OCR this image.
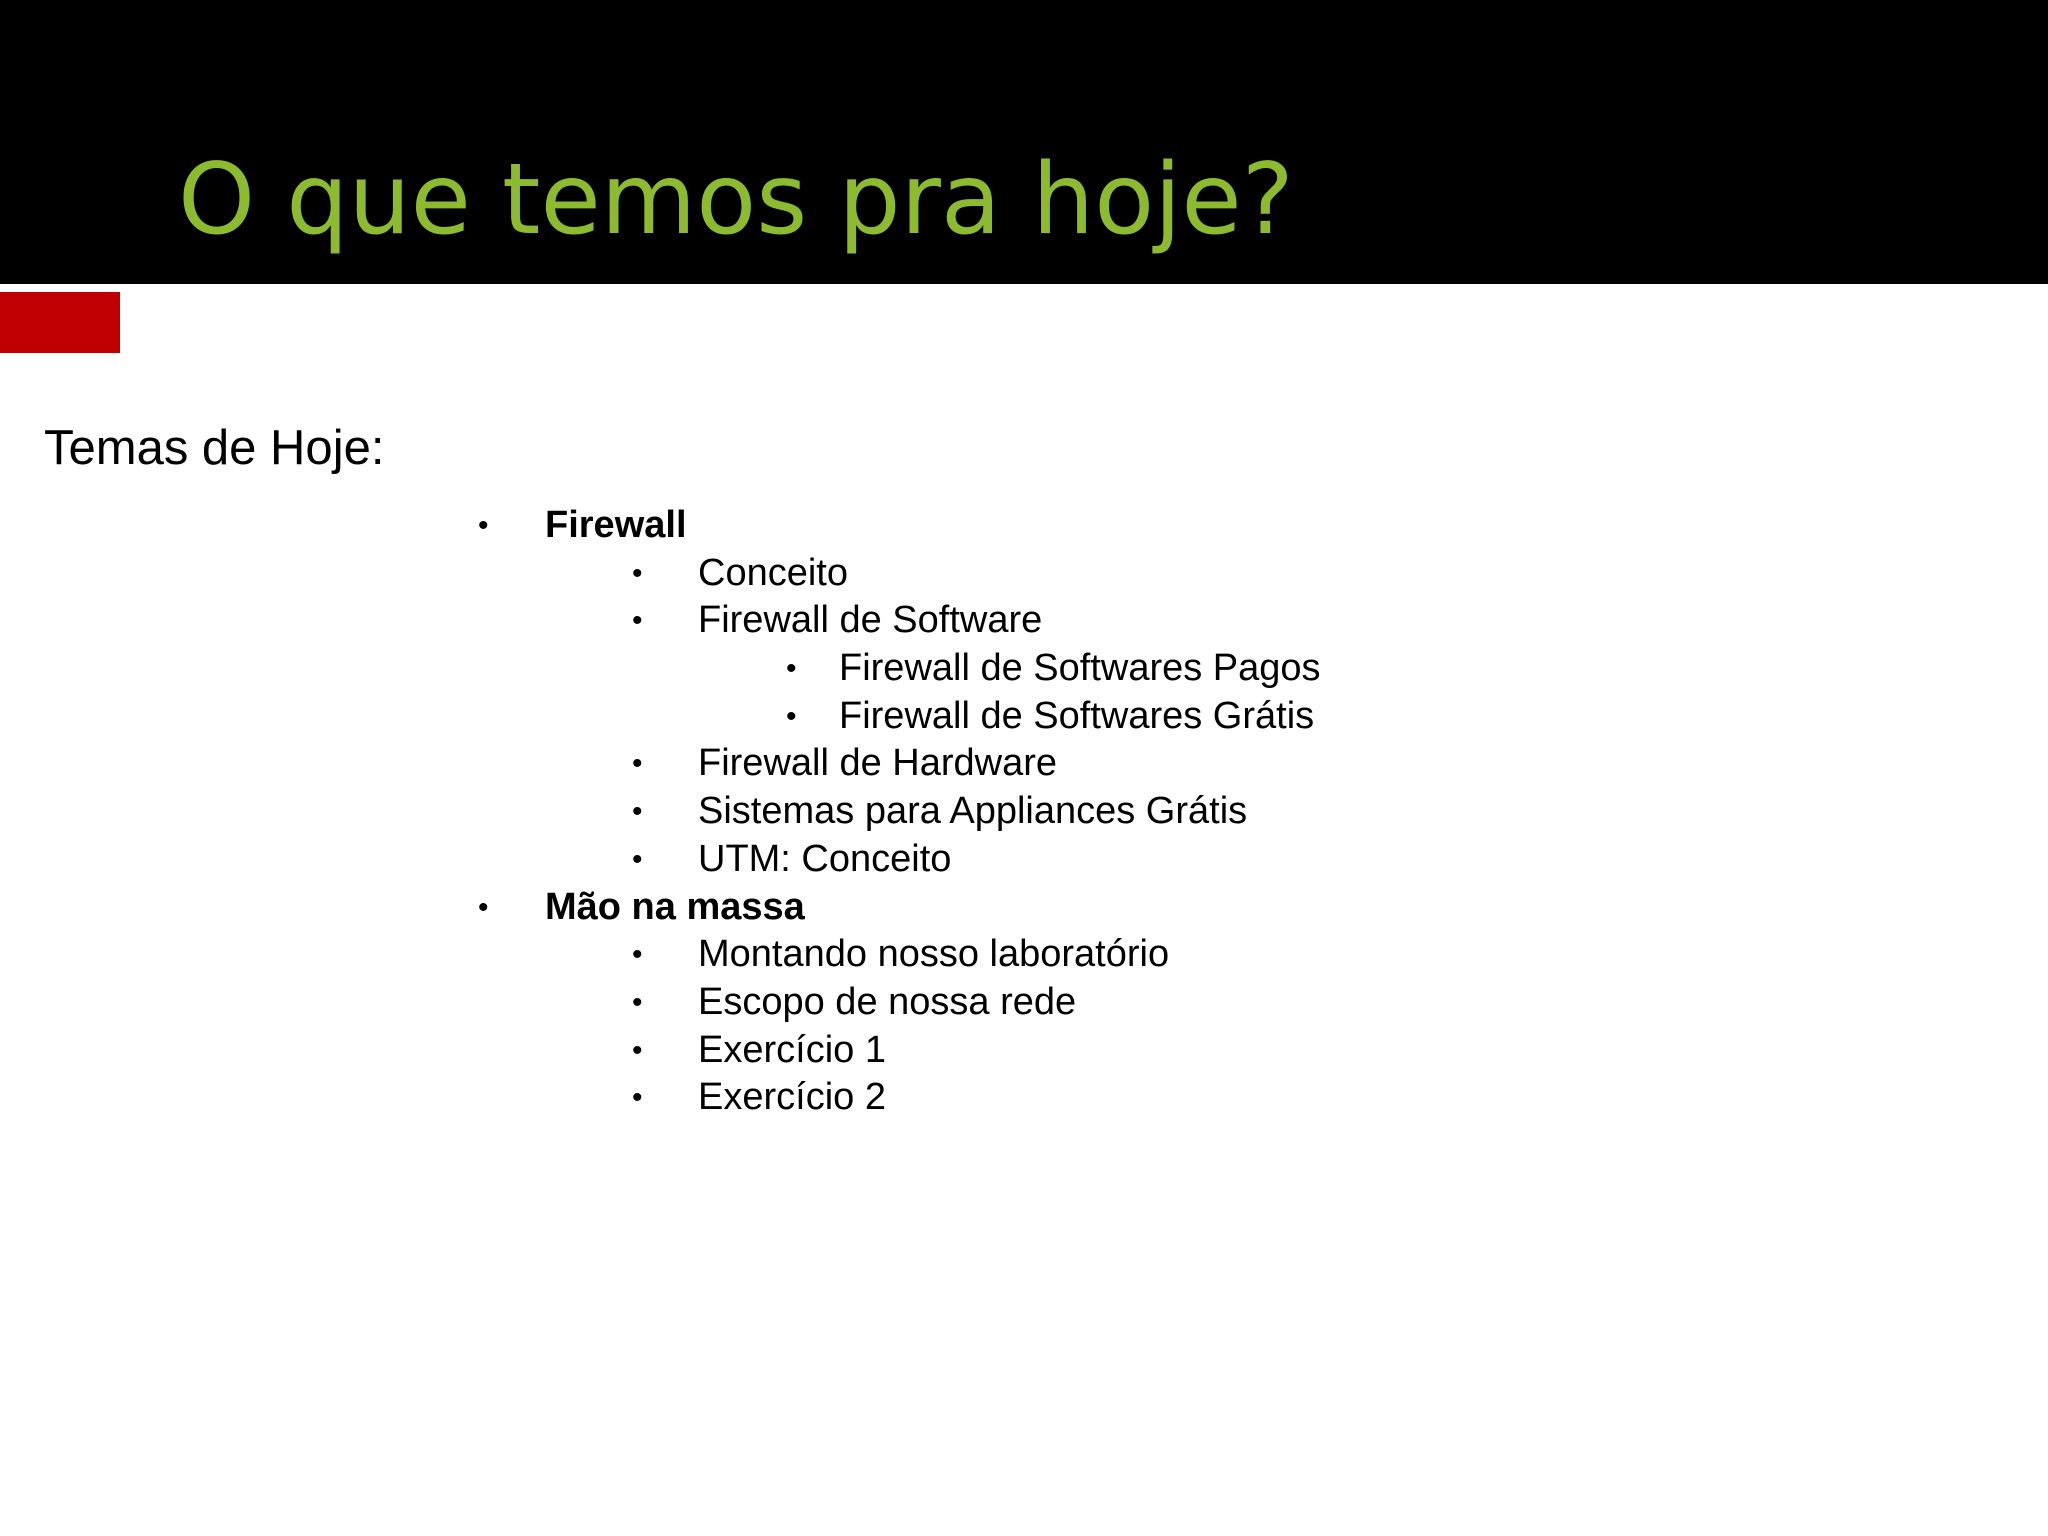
O que temos pra hoje?

Temas de Hoje:

• Firewall
• Conceito
• Firewall de Software
• Firewall de Softwares Pagos
• Firewall de Softwares Grátis
• Firewall de Hardware
• Sistemas para Appliances Grátis
• UTM: Conceito
• Mão na massa
• Montando nosso laboratório
• Escopo de nossa rede
• Exercício 1
• Exercício 2
